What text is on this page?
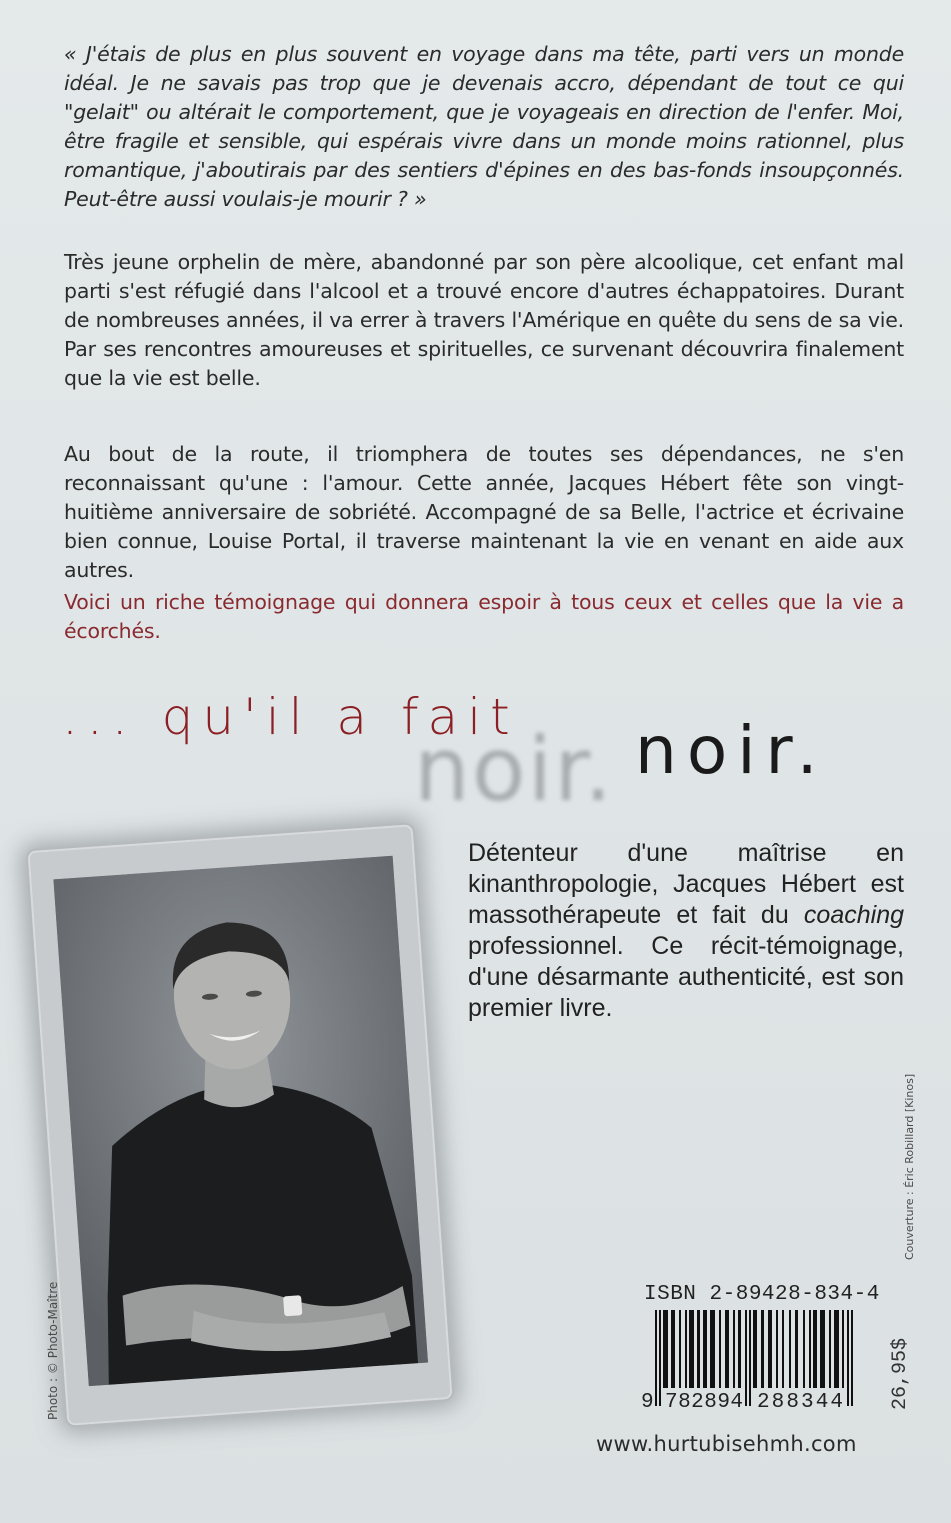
« J'étais de plus en plus souvent en voyage dans ma tête, parti vers un monde idéal. Je ne savais pas trop que je devenais accro, dépendant de tout ce qui "gelait" ou altérait le comportement, que je voyageais en direction de l'enfer. Moi, être fragile et sensible, qui espérais vivre dans un monde moins rationnel, plus romantique, j'aboutirais par des sentiers d'épines en des bas-fonds insoupçonnés. Peut-être aussi voulais-je mourir ? »

Très jeune orphelin de mère, abandonné par son père alcoolique, cet enfant mal parti s'est réfugié dans l'alcool et a trouvé encore d'autres échappatoires. Durant de nombreuses années, il va errer à travers l'Amérique en quête du sens de sa vie. Par ses rencontres amoureuses et spirituelles, ce survenant découvrira finalement que la vie est belle.

Au bout de la route, il triomphera de toutes ses dépendances, ne s'en reconnaissant qu'une : l'amour. Cette année, Jacques Hébert fête son vingt-huitième anniversaire de sobriété. Accompagné de sa Belle, l'actrice et écrivaine bien connue, Louise Portal, il traverse maintenant la vie en venant en aide aux autres.

Voici un riche témoignage qui donnera espoir à tous ceux et celles que la vie a écorchés.

noir.
... qu'il a fait noir.

Détenteur d'une maîtrise en kinanthropologie, Jacques Hébert est massothérapeute et fait du coaching professionnel. Ce récit-témoignage, d'une désarmante authenticité, est son premier livre.

Photo : © Photo-Maître
Couverture : Éric Robillard [Kinos]
ISBN 2-89428-834-4
9 782894 288344 26,95$
www.hurtubisehmh.com
